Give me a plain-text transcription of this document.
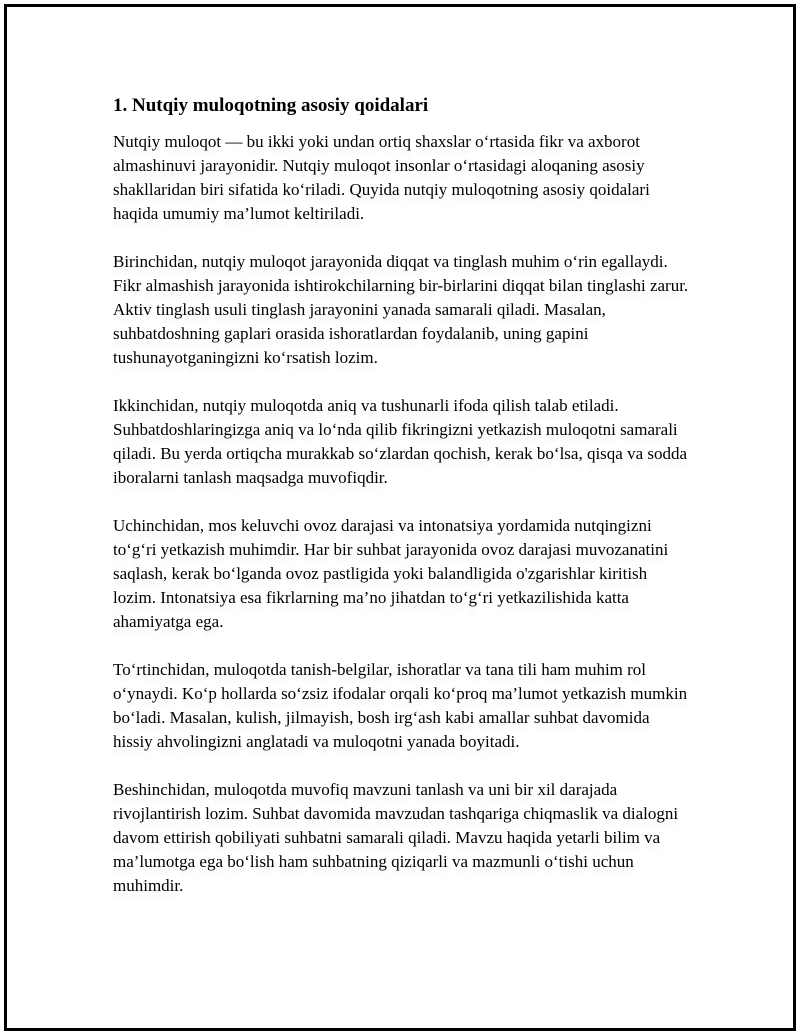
1. Nutqiy muloqotning asosiy qoidalari

Nutqiy muloqot — bu ikki yoki undan ortiq shaxslar o‘rtasida fikr va axborot almashinuvi jarayonidir. Nutqiy muloqot insonlar o‘rtasidagi aloqaning asosiy shakllaridan biri sifatida ko‘riladi. Quyida nutqiy muloqotning asosiy qoidalari haqida umumiy ma’lumot keltiriladi.

Birinchidan, nutqiy muloqot jarayonida diqqat va tinglash muhim o‘rin egallaydi. Fikr almashish jarayonida ishtirokchilarning bir-birlarini diqqat bilan tinglashi zarur. Aktiv tinglash usuli tinglash jarayonini yanada samarali qiladi. Masalan, suhbatdoshning gaplari orasida ishoratlardan foydalanib, uning gapini tushunayotganingizni ko‘rsatish lozim.

Ikkinchidan, nutqiy muloqotda aniq va tushunarli ifoda qilish talab etiladi. Suhbatdoshlaringizga aniq va lo‘nda qilib fikringizni yetkazish muloqotni samarali qiladi. Bu yerda ortiqcha murakkab so‘zlardan qochish, kerak bo‘lsa, qisqa va sodda iboralarni tanlash maqsadga muvofiqdir.

Uchinchidan, mos keluvchi ovoz darajasi va intonatsiya yordamida nutqingizni to‘g‘ri yetkazish muhimdir. Har bir suhbat jarayonida ovoz darajasi muvozanatini saqlash, kerak bo‘lganda ovoz pastligida yoki balandligida o'zgarishlar kiritish lozim. Intonatsiya esa fikrlarning ma’no jihatdan to‘g‘ri yetkazilishida katta ahamiyatga ega.

To‘rtinchidan, muloqotda tanish-belgilar, ishoratlar va tana tili ham muhim rol o‘ynaydi. Ko‘p hollarda so‘zsiz ifodalar orqali ko‘proq ma’lumot yetkazish mumkin bo‘ladi. Masalan, kulish, jilmayish, bosh irg‘ash kabi amallar suhbat davomida hissiy ahvolingizni anglatadi va muloqotni yanada boyitadi.

Beshinchidan, muloqotda muvofiq mavzuni tanlash va uni bir xil darajada rivojlantirish lozim. Suhbat davomida mavzudan tashqariga chiqmaslik va dialogni davom ettirish qobiliyati suhbatni samarali qiladi. Mavzu haqida yetarli bilim va ma’lumotga ega bo‘lish ham suhbatning qiziqarli va mazmunli o‘tishi uchun muhimdir.
